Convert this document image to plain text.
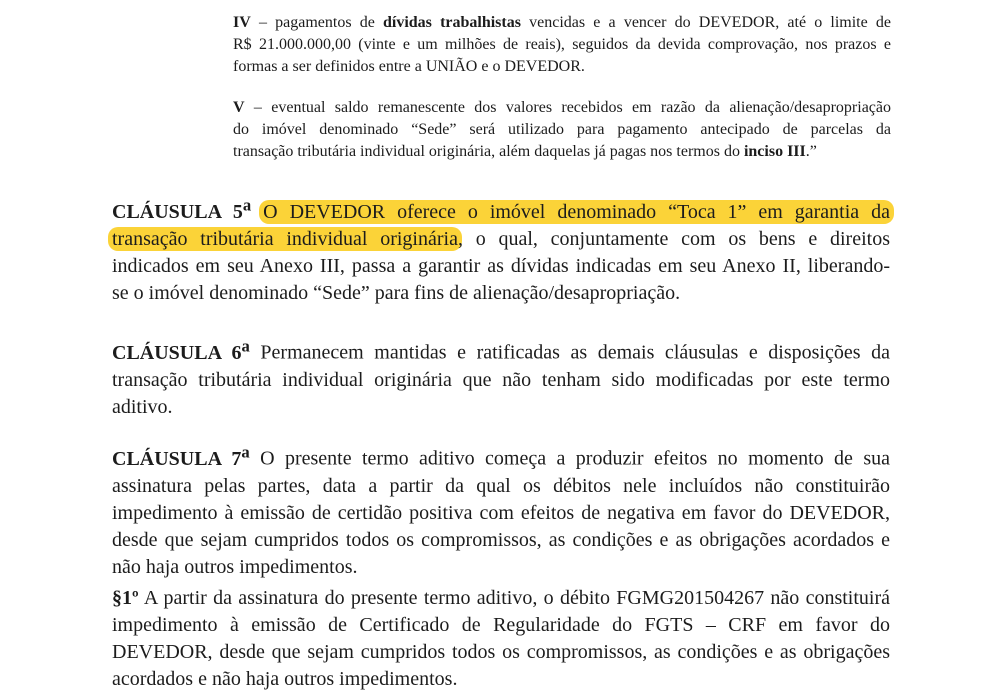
IV – pagamentos de dívidas trabalhistas vencidas e a vencer do DEVEDOR, até o limite de
R$ 21.000.000,00 (vinte e um milhões de reais), seguidos da devida comprovação, nos prazos e
formas a ser definidos entre a UNIÃO e o DEVEDOR.
V – eventual saldo remanescente dos valores recebidos em razão da alienação/desapropriação
do imóvel denominado “Sede” será utilizado para pagamento antecipado de parcelas da
transação tributária individual originária, além daquelas já pagas nos termos do inciso III.”
CLÁUSULA 5$^a$ O DEVEDOR oferece o imóvel denominado “Toca 1” em garantia da
transação tributária individual originária, o qual, conjuntamente com os bens e direitos
indicados em seu Anexo III, passa a garantir as dívidas indicadas em seu Anexo II, liberando-
se o imóvel denominado “Sede” para fins de alienação/desapropriação.
CLÁUSULA 6$^a$ Permanecem mantidas e ratificadas as demais cláusulas e disposições da
transação tributária individual originária que não tenham sido modificadas por este termo
aditivo.
CLÁUSULA 7$^a$ O presente termo aditivo começa a produzir efeitos no momento de sua
assinatura pelas partes, data a partir da qual os débitos nele incluídos não constituirão
impedimento à emissão de certidão positiva com efeitos de negativa em favor do DEVEDOR,
desde que sejam cumpridos todos os compromissos, as condições e as obrigações acordados e
não haja outros impedimentos.
§1º A partir da assinatura do presente termo aditivo, o débito FGMG201504267 não constituirá
impedimento à emissão de Certificado de Regularidade do FGTS – CRF em favor do
DEVEDOR, desde que sejam cumpridos todos os compromissos, as condições e as obrigações
acordados e não haja outros impedimentos.
